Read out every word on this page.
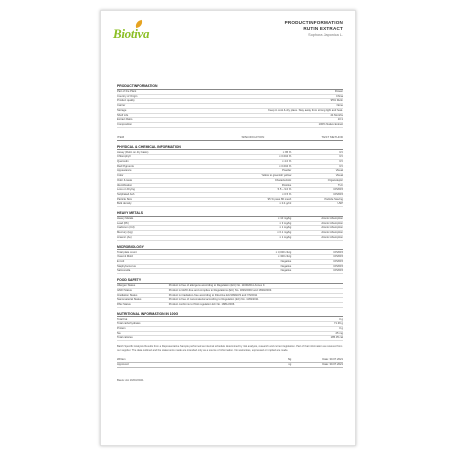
Biotiva
PRODUCTINFORMATION
RUTIN EXTRACT
Sophora Japonica L.
PRODUCTINFORMATION
Part of the Plant	Flower
Country of Origin	China
Product quality	95% Rutin
Carrier	None
Storage	Keep in cool & dry place. Stay away from strong light and heat.
Shelf Life	24 Months
Extract Ratio	10:1
Composition	100% Native Extract
ITEM	SPECIFICATION	TEST METHOD
PHYSICAL & CHEMICAL INFORMATION
Assay (Rutin on dry basis)	≥ 95 %	UV
Chlorophyll	≤ 0.004 %	UV
Quercetin	≤ 4.0 %	UV
Red Pigments	≤ 0.004 %	UV
Appearance	Powder	Visual
Color	Yellow to greenish yellow	Visual
Odor & taste	Characteristic	Organoleptic
Identification	Positive	TLC
Loss on Drying	5.5 ~ 9.0 %	CP2015
Sulphated Ash	≤ 0.5 %	CP2015
Particle Size	95 % pass 80 mesh	Particle Sieving
Bulk density	≥ 0.4 g/ml	USP
HEAVY METALS
Heavy Metals	≤ 10 mg/kg	Atomic Absorption
Lead (Pb)	≤ 3 mg/kg	Atomic Absorption
Cadmium (Cd)	≤ 1 mg/kg	Atomic Absorption
Mercury (Hg)	≤ 0.1 mg/kg	Atomic Absorption
Arsenic (As)	≤ 1 mg/kg	Atomic Absorption
MICROBIOLOGY
Total plate count	≤ 3,000 cfu/g	CP2015
Yeast & Mold	≤ 300 cfu/g	CP2015
E.Coli	Negative	CP2015
Staphylococcus	Negative	CP2015
Salmonella	Negative	CP2015
FOOD SAFETY
Allergen Status	Product is free of allergens according to Regulation (EU) No. 1169/2011 Annex II.
GMO Status	Product is GMO-free and complies to Regulations (EC) No. 1829/2003 and 1830/2003.
Irradiation Status	Product is irradiation-free according to Directive EC/1999/2/3 and 7/9/2011
Nanomaterial Status	Product is free of nanomaterial according to Regulation (EC) No. 1169/2011
PAH Status	Product conforms to PAH regulation EC No. 1881/2006.
NUTRITIONAL INFORMATION IN 100G
Total Fat	0 g
Total carbohydrates	71.36 g
Protein	0 g
Na	25 mg
Total calories	185.35 cal
Batch Specific Analysis Results from a Representative Sample performed as internal schedule determined by risk analysis, research and current legislation. Part of that information as received from our supplier. The data outlined and the statements made are intended only as a source of information. No warranties, expressed or implied are made.
Written	Ng	Date: 30.07.2021
Approved	ng	Date: 30.07.2021
Basis: AA 19/03/2021
